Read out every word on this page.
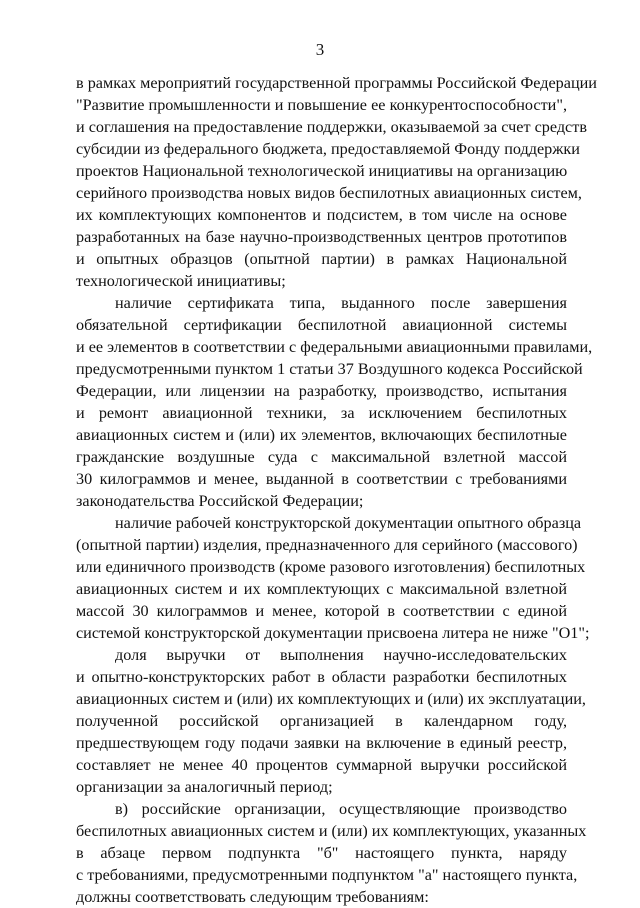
3

в рамках мероприятий государственной программы Российской Федерации
"Развитие промышленности и повышение ее конкурентоспособности",
и соглашения на предоставление поддержки, оказываемой за счет средств
субсидии из федерального бюджета, предоставляемой Фонду поддержки
проектов Национальной технологической инициативы на организацию
серийного производства новых видов беспилотных авиационных систем,
их комплектующих компонентов и подсистем, в том числе на основе
разработанных на базе научно-производственных центров прототипов
и опытных образцов (опытной партии) в рамках Национальной
технологической инициативы;

наличие сертификата типа, выданного после завершения
обязательной сертификации беспилотной авиационной системы
и ее элементов в соответствии с федеральными авиационными правилами,
предусмотренными пунктом 1 статьи 37 Воздушного кодекса Российской
Федерации, или лицензии на разработку, производство, испытания
и ремонт авиационной техники, за исключением беспилотных
авиационных систем и (или) их элементов, включающих беспилотные
гражданские воздушные суда с максимальной взлетной массой
30 килограммов и менее, выданной в соответствии с требованиями
законодательства Российской Федерации;

наличие рабочей конструкторской документации опытного образца
(опытной партии) изделия, предназначенного для серийного (массового)
или единичного производств (кроме разового изготовления) беспилотных
авиационных систем и их комплектующих с максимальной взлетной
массой 30 килограммов и менее, которой в соответствии с единой
системой конструкторской документации присвоена литера не ниже "О1";

доля выручки от выполнения научно-исследовательских
и опытно-конструкторских работ в области разработки беспилотных
авиационных систем и (или) их комплектующих и (или) их эксплуатации,
полученной российской организацией в календарном году,
предшествующем году подачи заявки на включение в единый реестр,
составляет не менее 40 процентов суммарной выручки российской
организации за аналогичный период;

в) российские организации, осуществляющие производство
беспилотных авиационных систем и (или) их комплектующих, указанных
в абзаце первом подпункта "б" настоящего пункта, наряду
с требованиями, предусмотренными подпунктом "а" настоящего пункта,
должны соответствовать следующим требованиям:
